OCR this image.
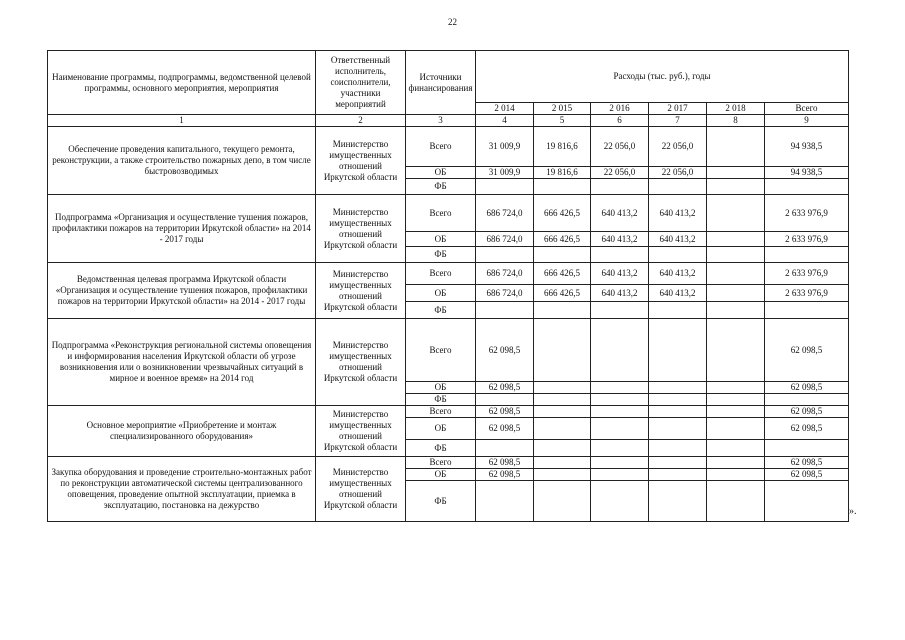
22
Наименование программы, подпрограммы, ведомственной целевой программы, основного мероприятия, мероприятия	Ответственный исполнитель, соисполнители, участники мероприятий	Источники финансирования	Расходы (тыс. руб.), годы					
			2 014	2 015	2 016	2 017	2 018	Всего
1	2	3	4	5	6	7	8	9
Обеспечение проведения капитального, текущего ремонта, реконструкции, а также строительство пожарных депо, в том числе быстровозводимых	Министерство имущественных отношений Иркутской области	Всего	31 009,9	19 816,6	22 056,0	22 056,0		94 938,5
		ОБ	31 009,9	19 816,6	22 056,0	22 056,0		94 938,5
		ФБ						
Подпрограмма «Организация и осуществление тушения пожаров, профилактики пожаров на территории Иркутской области» на 2014 - 2017 годы	Министерство имущественных отношений Иркутской области	Всего	686 724,0	666 426,5	640 413,2	640 413,2		2 633 976,9
		ОБ	686 724,0	666 426,5	640 413,2	640 413,2		2 633 976,9
		ФБ						
Ведомственная целевая программа Иркутской области «Организация и осуществление тушения пожаров, профилактики пожаров на территории Иркутской области» на 2014 - 2017 годы	Министерство имущественных отношений Иркутской области	Всего	686 724,0	666 426,5	640 413,2	640 413,2		2 633 976,9
		ОБ	686 724,0	666 426,5	640 413,2	640 413,2		2 633 976,9
		ФБ						
Подпрограмма «Реконструкция региональной системы оповещения и информирования населения Иркутской области об угрозе возникновения или о возникновении чрезвычайных ситуаций в мирное и военное время» на 2014 год	Министерство имущественных отношений Иркутской области	Всего	62 098,5					62 098,5
		ОБ	62 098,5					62 098,5
		ФБ						
Основное мероприятие «Приобретение и монтаж специализированного оборудования»	Министерство имущественных отношений Иркутской области	Всего	62 098,5					62 098,5
		ОБ	62 098,5					62 098,5
		ФБ						
Закупка оборудования и проведение строительно-монтажных работ по реконструкции автоматической системы централизованного оповещения, проведение опытной эксплуатации, приемка в эксплуатацию, постановка на дежурство	Министерство имущественных отношений Иркутской области	Всего	62 098,5					62 098,5
		ОБ	62 098,5					62 098,5
		ФБ						
».
